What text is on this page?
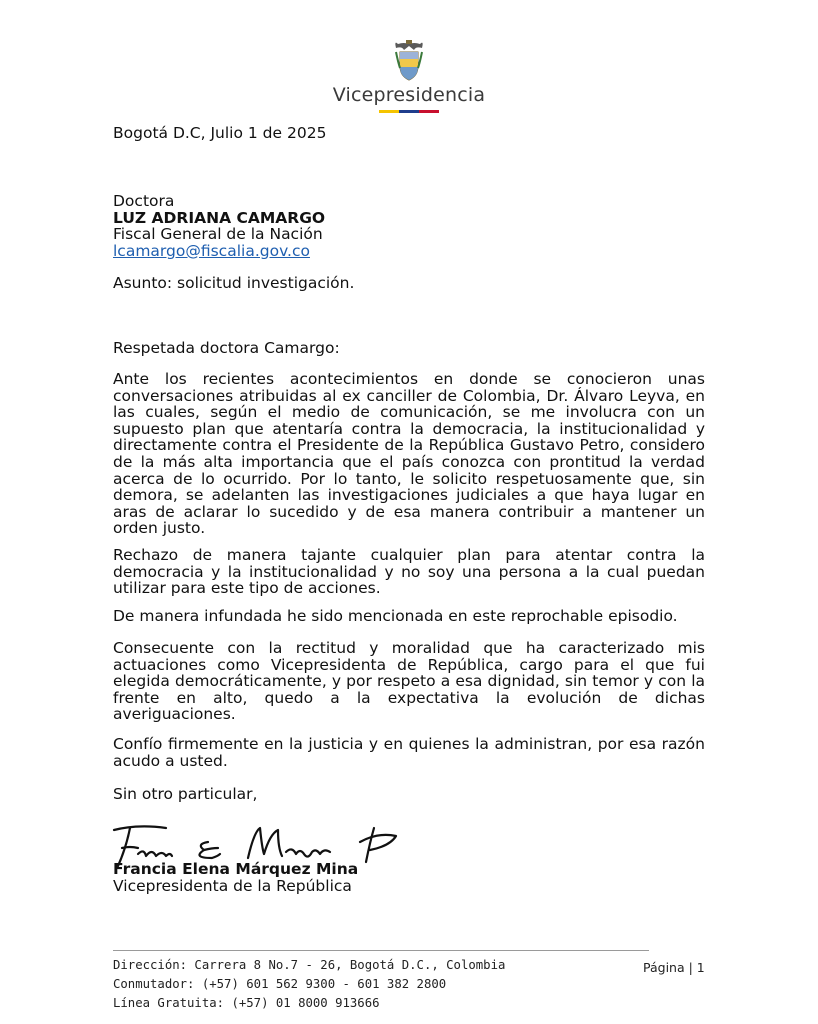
Vicepresidencia
Bogotá D.C, Julio 1 de 2025
Doctora
LUZ ADRIANA CAMARGO
Fiscal General de la Nación
lcamargo@fiscalia.gov.co
Asunto: solicitud investigación.
Respetada doctora Camargo:
Ante los recientes acontecimientos en donde se conocieron unas conversaciones atribuidas al ex canciller de Colombia, Dr. Álvaro Leyva, en las cuales, según el medio de comunicación, se me involucra con un supuesto plan que atentaría contra la democracia, la institucionalidad y directamente contra el Presidente de la República Gustavo Petro, considero de la más alta importancia que el país conozca con prontitud la verdad acerca de lo ocurrido. Por lo tanto, le solicito respetuosamente que, sin demora, se adelanten las investigaciones judiciales a que haya lugar en aras de aclarar lo sucedido y de esa manera contribuir a mantener un orden justo.
Rechazo de manera tajante cualquier plan para atentar contra la democracia y la institucionalidad y no soy una persona a la cual puedan utilizar para este tipo de acciones.
De manera infundada he sido mencionada en este reprochable episodio.
Consecuente con la rectitud y moralidad que ha caracterizado mis actuaciones como Vicepresidenta de República, cargo para el que fui elegida democráticamente, y por respeto a esa dignidad, sin temor y con la frente en alto, quedo a la expectativa la evolución de dichas averiguaciones.
Confío firmemente en la justicia y en quienes la administran, por esa razón acudo a usted.
Sin otro particular,
Francia Elena Márquez Mina
Vicepresidenta de la República
Dirección: Carrera 8 No.7 - 26, Bogotá D.C., Colombia
Conmutador: (+57) 601 562 9300 - 601 382 2800
Línea Gratuita: (+57) 01 8000 913666
Página | 1
